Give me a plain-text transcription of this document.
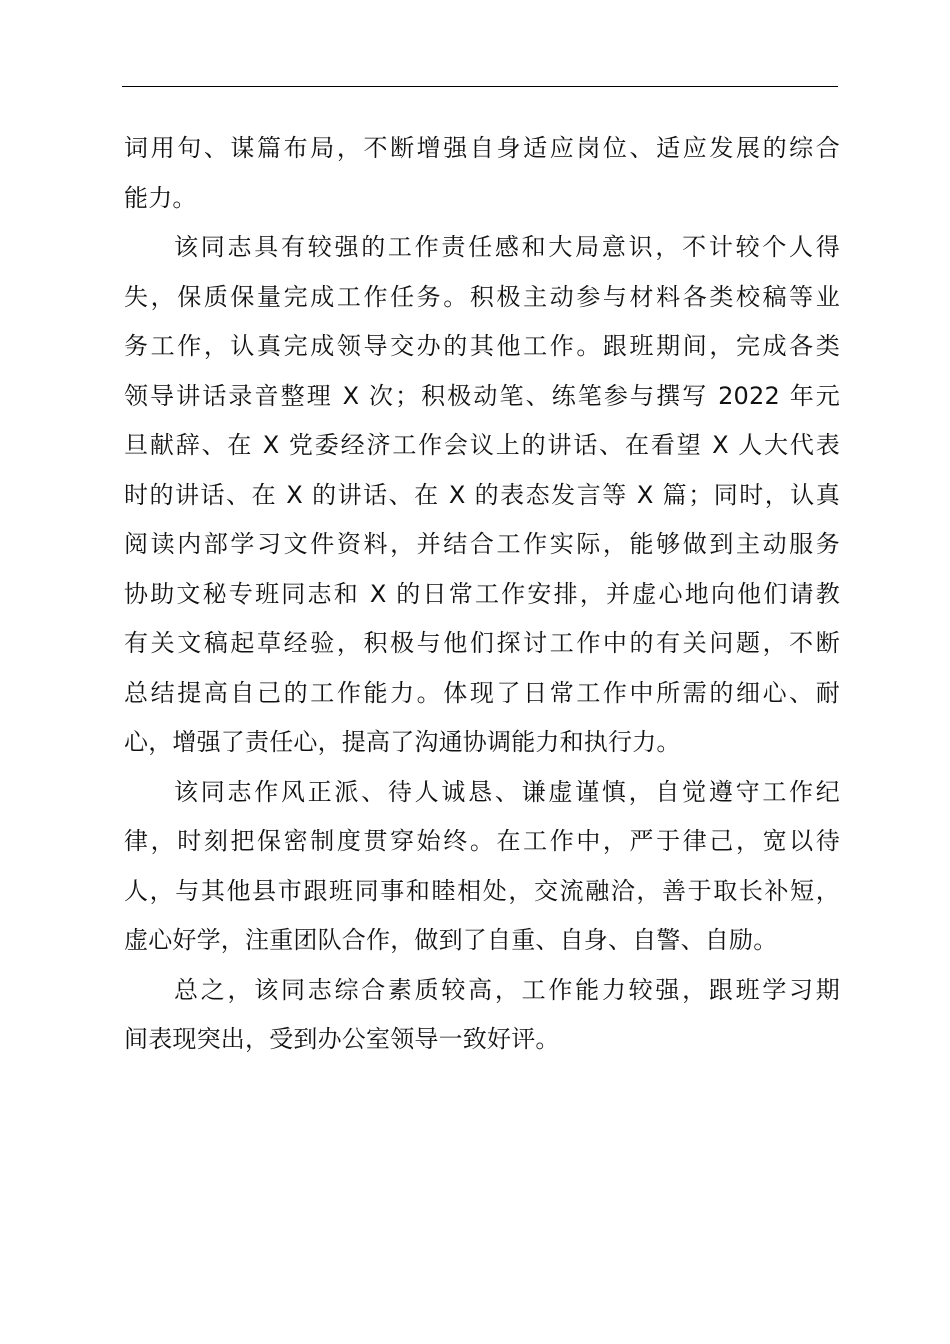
词用句、谋篇布局，不断增强自身适应岗位、适应发展的综合
能力。
该同志具有较强的工作责任感和大局意识，不计较个人得
失，保质保量完成工作任务。积极主动参与材料各类校稿等业
务工作，认真完成领导交办的其他工作。跟班期间，完成各类
领导讲话录音整理 X 次；积极动笔、练笔参与撰写 2022 年元
旦献辞、在 X 党委经济工作会议上的讲话、在看望 X 人大代表
时的讲话、在 X 的讲话、在 X 的表态发言等 X 篇；同时，认真
阅读内部学习文件资料，并结合工作实际，能够做到主动服务
协助文秘专班同志和 X 的日常工作安排，并虚心地向他们请教
有关文稿起草经验，积极与他们探讨工作中的有关问题，不断
总结提高自己的工作能力。体现了日常工作中所需的细心、耐
心，增强了责任心，提高了沟通协调能力和执行力。
该同志作风正派、待人诚恳、谦虚谨慎，自觉遵守工作纪
律，时刻把保密制度贯穿始终。在工作中，严于律己，宽以待
人，与其他县市跟班同事和睦相处，交流融洽，善于取长补短，
虚心好学，注重团队合作，做到了自重、自身、自警、自励。
总之，该同志综合素质较高，工作能力较强，跟班学习期
间表现突出，受到办公室领导一致好评。
